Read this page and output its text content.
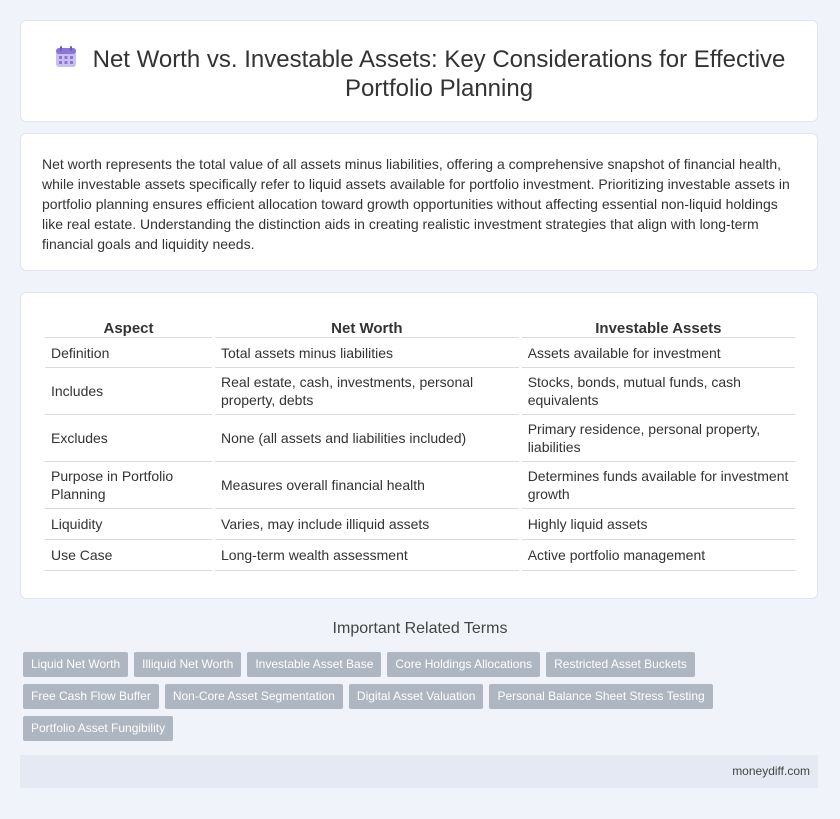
Net Worth vs. Investable Assets: Key Considerations for Effective Portfolio Planning

Net worth represents the total value of all assets minus liabilities, offering a comprehensive snapshot of financial health, while investable assets specifically refer to liquid assets available for portfolio investment. Prioritizing investable assets in portfolio planning ensures efficient allocation toward growth opportunities without affecting essential non-liquid holdings like real estate. Understanding the distinction aids in creating realistic investment strategies that align with long-term financial goals and liquidity needs.

Aspect	Net Worth	Investable Assets
Definition	Total assets minus liabilities	Assets available for investment
Includes	Real estate, cash, investments, personal property, debts	Stocks, bonds, mutual funds, cash equivalents
Excludes	None (all assets and liabilities included)	Primary residence, personal property, liabilities
Purpose in Portfolio Planning	Measures overall financial health	Determines funds available for investment growth
Liquidity	Varies, may include illiquid assets	Highly liquid assets
Use Case	Long-term wealth assessment	Active portfolio management
Important Related Terms
Liquid Net Worth	Illiquid Net Worth	Investable Asset Base	Core Holdings Allocations	Restricted Asset Buckets
Free Cash Flow Buffer	Non-Core Asset Segmentation	Digital Asset Valuation	Personal Balance Sheet Stress Testing
Portfolio Asset Fungibility
moneydiff.com
